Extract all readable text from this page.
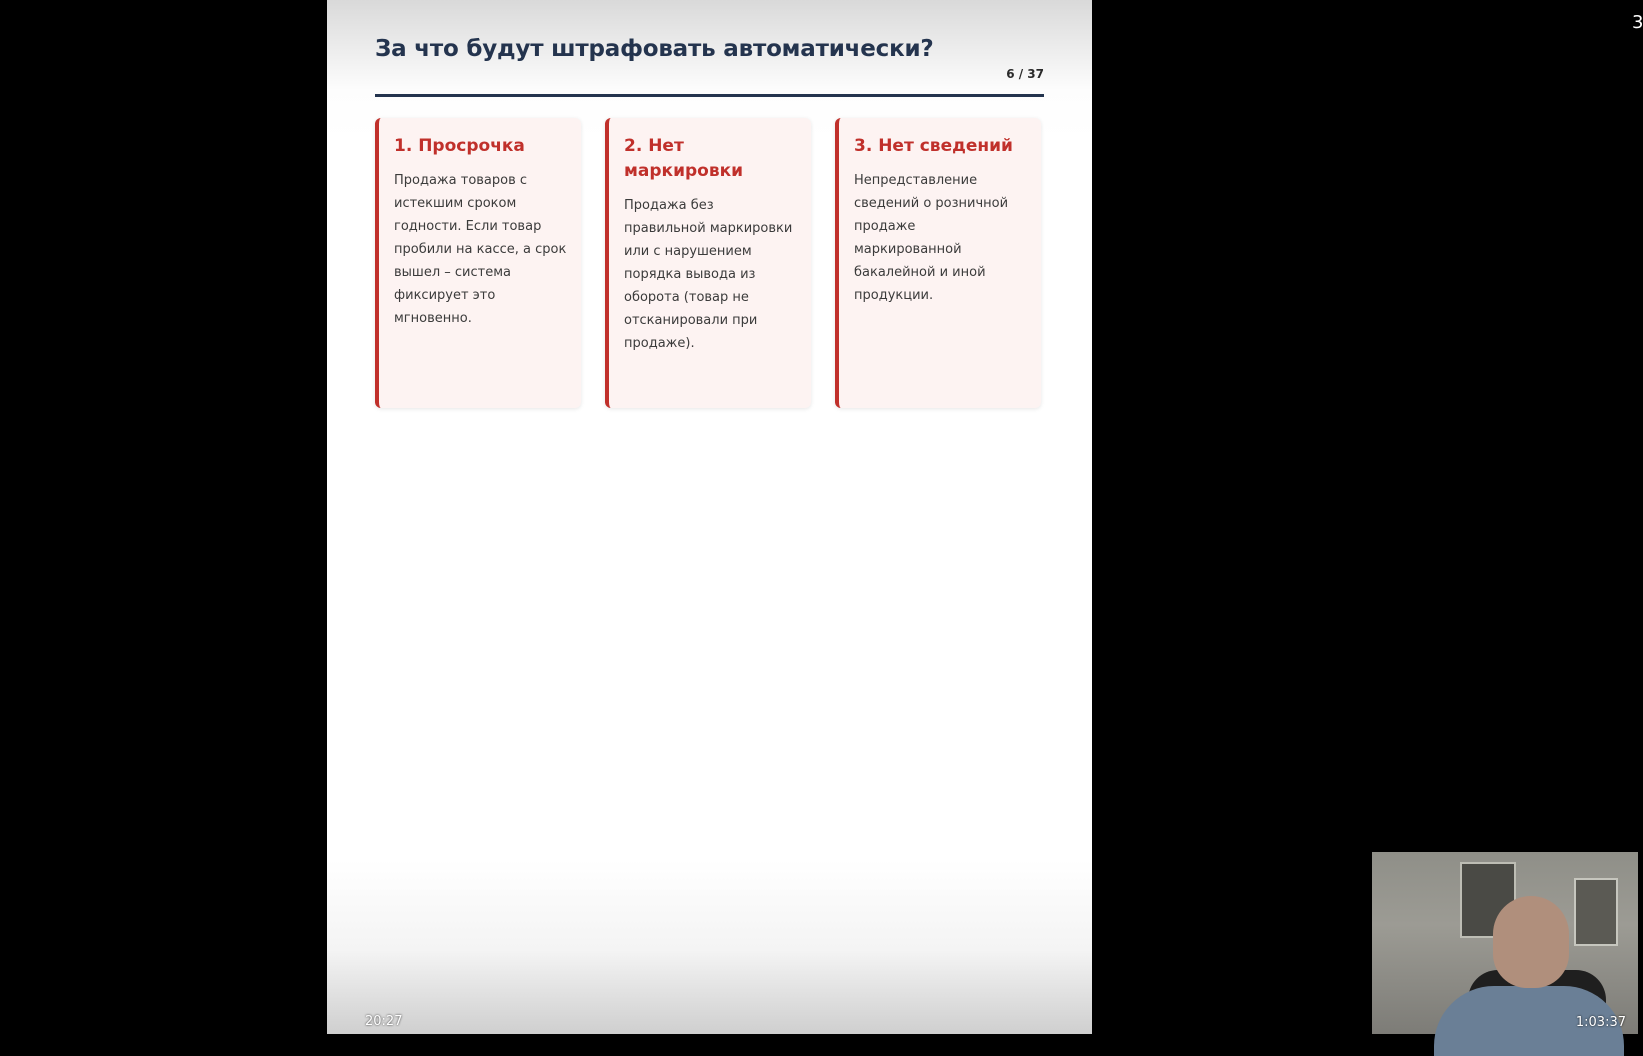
За что будут штрафовать автоматически?
6 / 37
1. Просрочка
Продажа товаров с истекшим сроком годности. Если товар пробили на кассе, а срок вышел – система фиксирует это мгновенно.
2. Нет маркировки
Продажа без правильной маркировки или с нарушением порядка вывода из оборота (товар не отсканировали при продаже).
3. Нет сведений
Непредставление сведений о розничной продаже маркированной бакалейной и иной продукции.
20:27	1:03:37
3
